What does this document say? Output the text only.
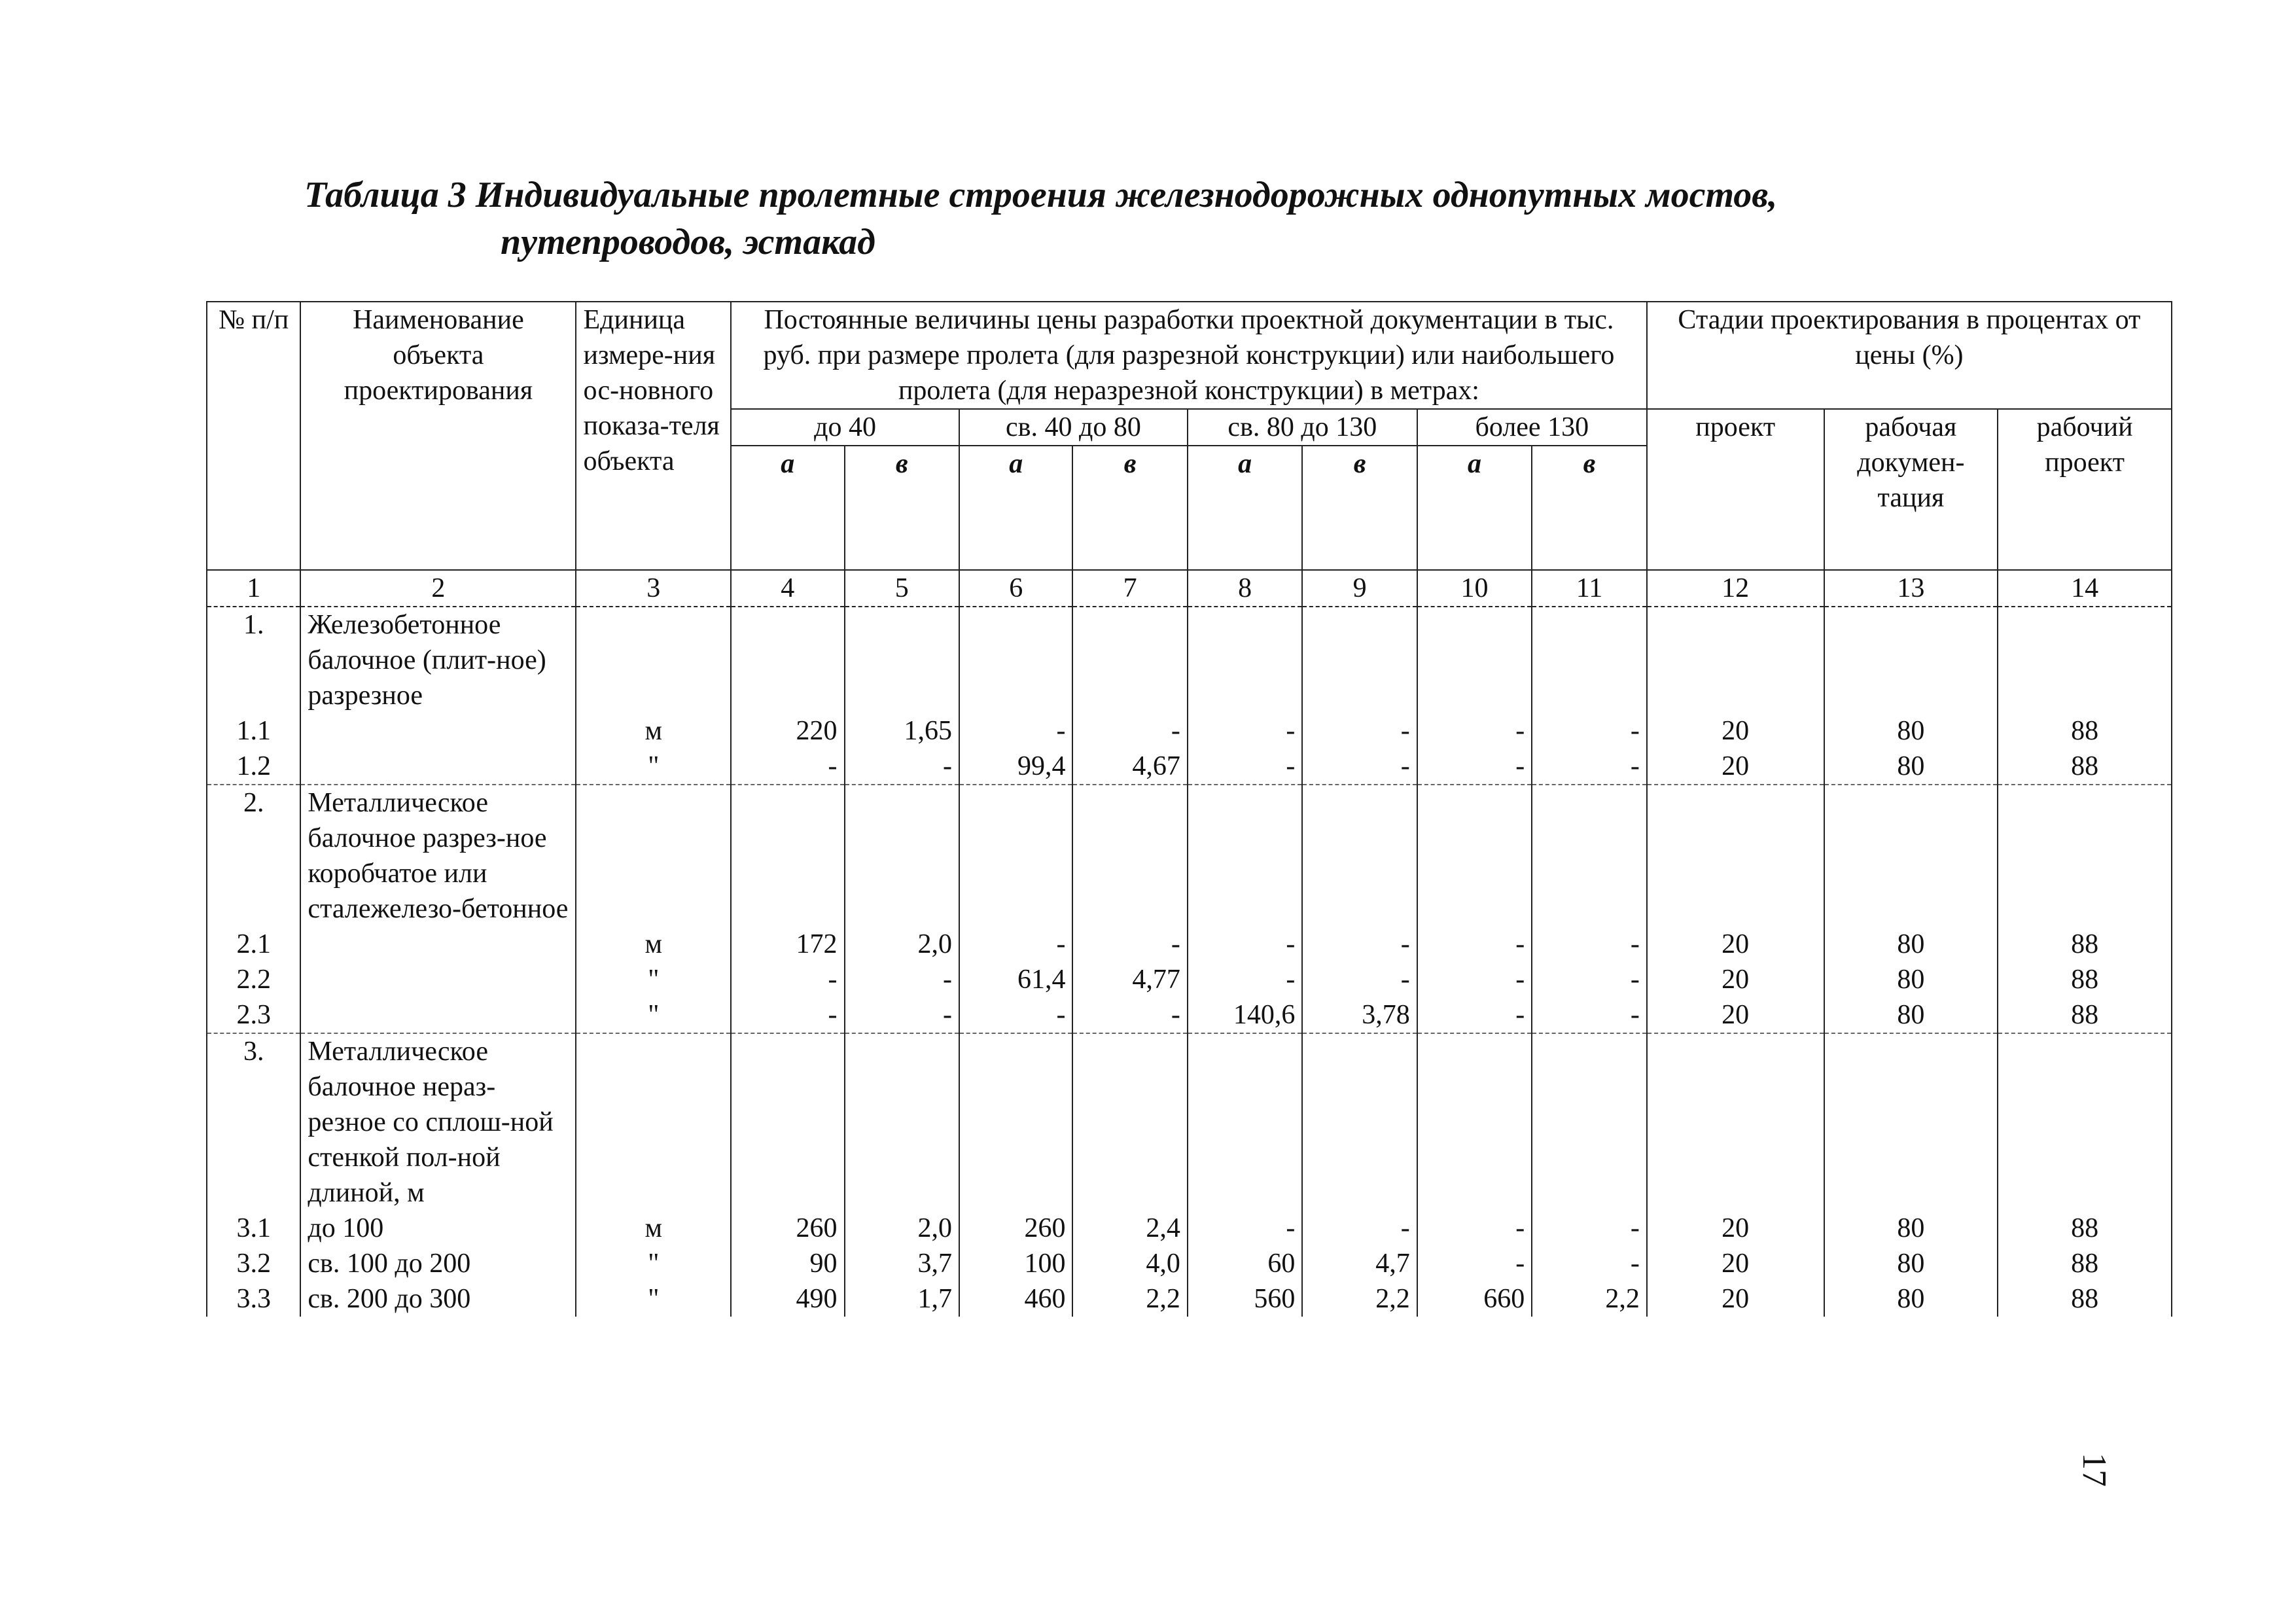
Таблица 3 Индивидуальные пролетные строения железнодорожных однопутных мостов,
путепроводов, эстакад
№ п/п	Наименование объекта проектирования	Единица измере-ния ос-новного показа-теля объекта	Постоянные величины цены разработки проектной документации в тыс. руб. при размере пролета (для разрезной конструкции) или наибольшего пролета (для неразрезной конструкции) в метрах:								Стадии проектирования в процентах от цены (%)		
			до 40		св. 40 до 80		св. 80 до 130		более 130		проект	рабочая докумен-тация	рабочий проект
			а	в	а	в	а	в	а	в			
1	2	3	4	5	6	7	8	9	10	11	12	13	14
1.	Железобетонное балочное (плит-ное) разрезное												
1.1		м	220	1,65	-	-	-	-	-	-	20	80	88
1.2		"	-	-	99,4	4,67	-	-	-	-	20	80	88
2.	Металлическое балочное разрез-ное коробчатое или сталежелезо-бетонное												
2.1		м	172	2,0	-	-	-	-	-	-	20	80	88
2.2		"	-	-	61,4	4,77	-	-	-	-	20	80	88
2.3		"	-	-	-	-	140,6	3,78	-	-	20	80	88
3.	Металлическое балочное нераз-резное со сплош-ной стенкой пол-ной длиной, м												
3.1	до 100	м	260	2,0	260	2,4	-	-	-	-	20	80	88
3.2	св. 100 до 200	"	90	3,7	100	4,0	60	4,7	-	-	20	80	88
3.3	св. 200 до 300	"	490	1,7	460	2,2	560	2,2	660	2,2	20	80	88
17
